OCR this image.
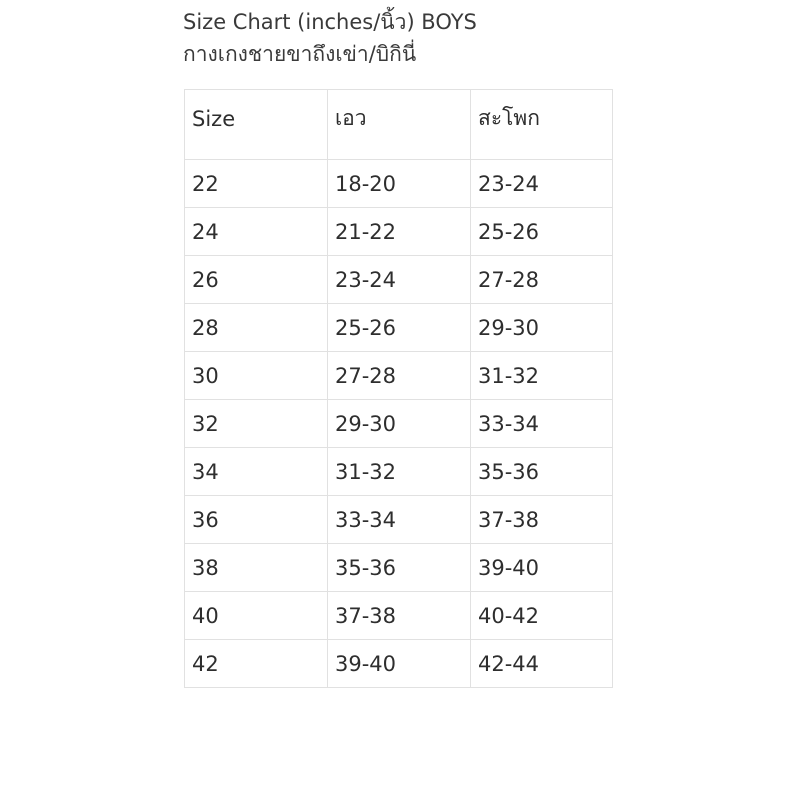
Size Chart (inches/นิ้ว) BOYS
กางเกงชายขาถึงเข่า/บิกินี่
Size	เอว	สะโพก
22	18-20	23-24
24	21-22	25-26
26	23-24	27-28
28	25-26	29-30
30	27-28	31-32
32	29-30	33-34
34	31-32	35-36
36	33-34	37-38
38	35-36	39-40
40	37-38	40-42
42	39-40	42-44
